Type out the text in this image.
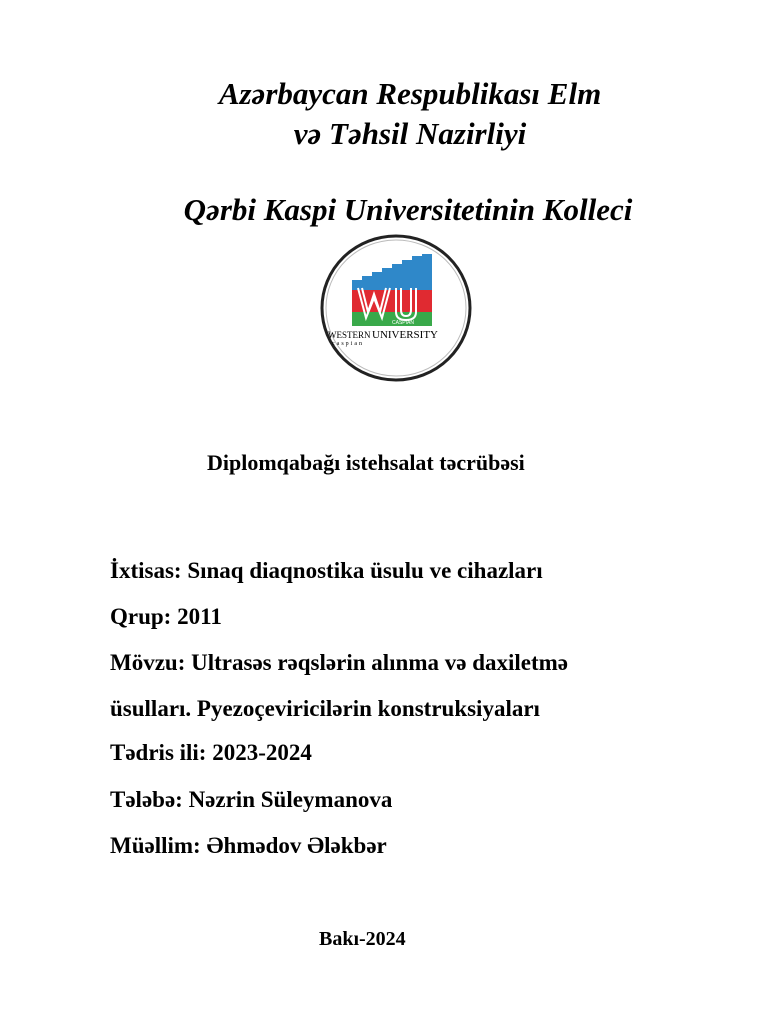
Azərbaycan Respublikası Elm
və Təhsil Nazirliyi
Qərbi Kaspi Universitetinin Kolleci
CASPIAN
WESTERN UNIVERSITY
caspian
Diplomqabağı istehsalat təcrübəsi
İxtisas: Sınaq diaqnostika üsulu ve cihazları
Qrup: 2011
Mövzu: Ultrasəs rəqslərin alınma və daxiletmə
üsulları. Pyezoçeviricilərin konstruksiyaları
Tədris ili: 2023-2024
Tələbə: Nəzrin Süleymanova
Müəllim: Əhmədov Ələkbər
Bakı-2024
